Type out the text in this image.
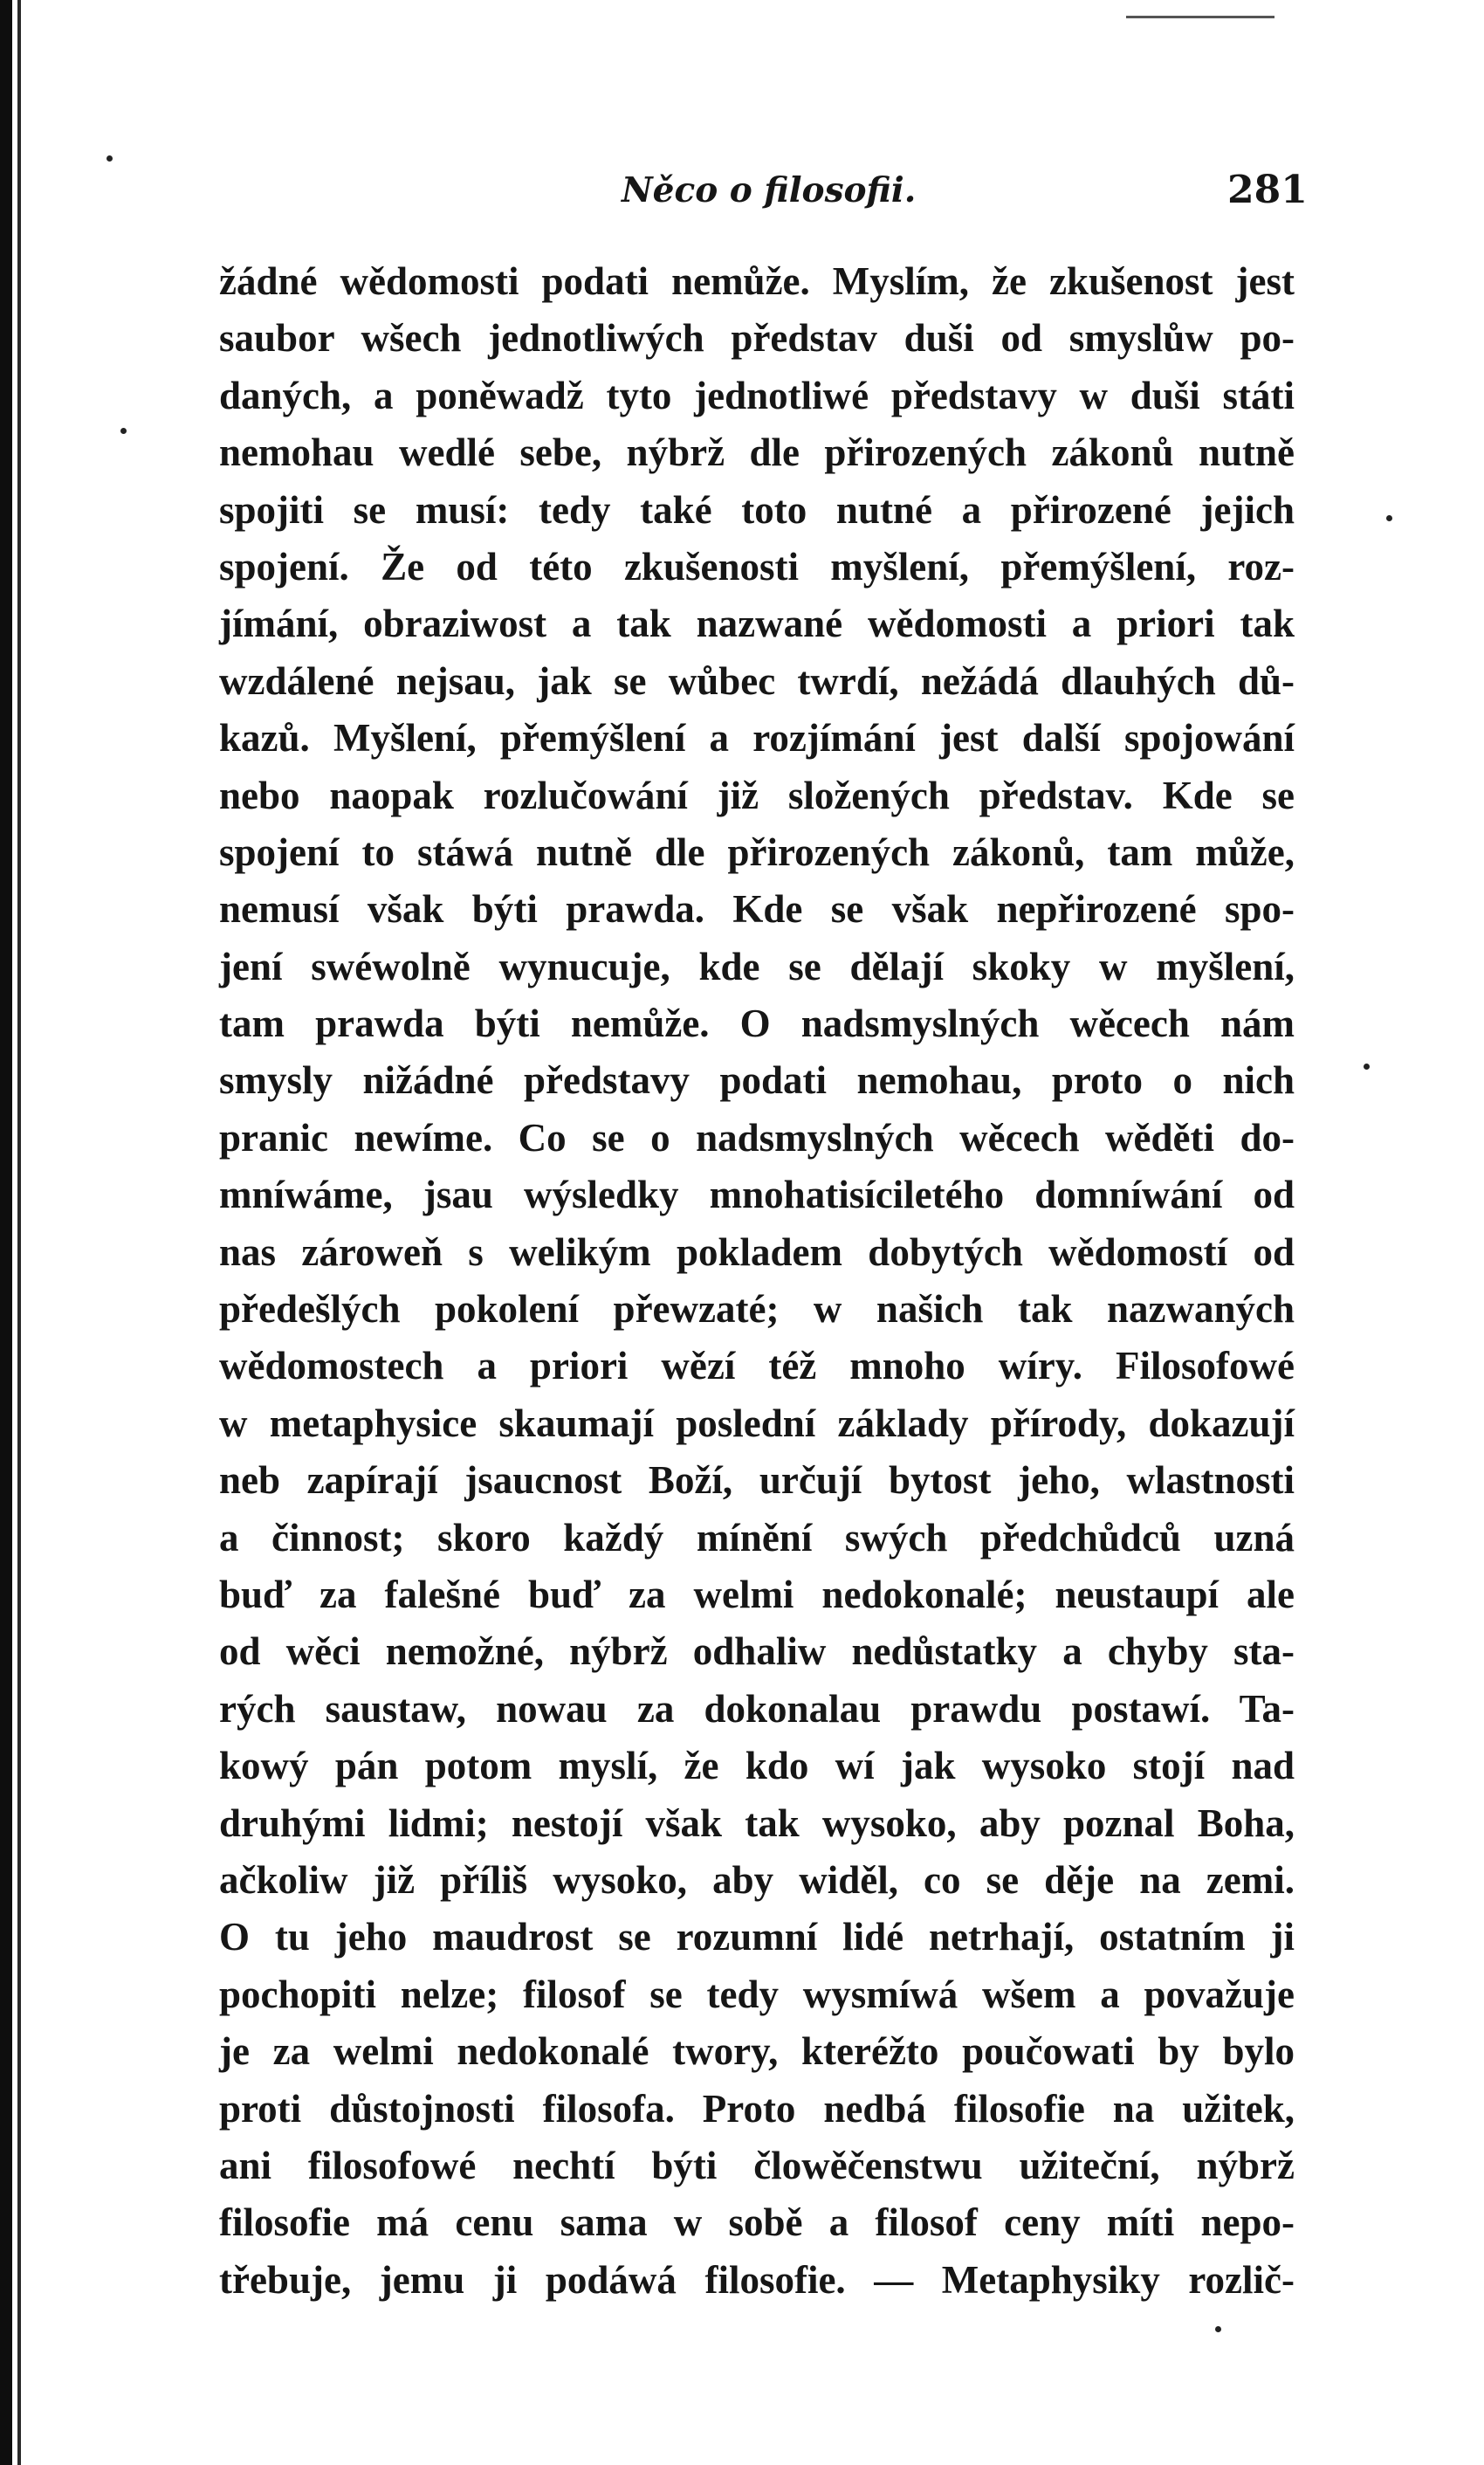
Něco o filosofii.	281
žádné wědomosti podati nemůže. Myslím, že zkušenost jest
saubor wšech jednotliwých představ duši od smyslůw po-
daných, a poněwadž tyto jednotliwé představy w duši státi
nemohau wedlé sebe, nýbrž dle přirozených zákonů nutně
spojiti se musí: tedy také toto nutné a přirozené jejich
spojení. Že od této zkušenosti myšlení, přemýšlení, roz-
jímání, obraziwost a tak nazwané wědomosti a priori tak
wzdálené nejsau, jak se wůbec twrdí, nežádá dlauhých dů-
kazů. Myšlení, přemýšlení a rozjímání jest další spojowání
nebo naopak rozlučowání již složených představ. Kde se
spojení to stáwá nutně dle přirozených zákonů, tam může,
nemusí však býti prawda. Kde se však nepřirozené spo-
jení swéwolně wynucuje, kde se dělají skoky w myšlení,
tam prawda býti nemůže. O nadsmyslných wěcech nám
smysly nižádné představy podati nemohau, proto o nich
pranic newíme. Co se o nadsmyslných wěcech wěděti do-
mníwáme, jsau wýsledky mnohatisíciletého domníwání od
nas zároweň s welikým pokladem dobytých wědomostí od
předešlých pokolení přewzaté; w našich tak nazwaných
wědomostech a priori wězí též mnoho wíry. Filosofowé
w metaphysice skaumají poslední základy přírody, dokazují
neb zapírají jsaucnost Boží, určují bytost jeho, wlastnosti
a činnost; skoro každý mínění swých předchůdců uzná
buď za falešné buď za welmi nedokonalé; neustaupí ale
od wěci nemožné, nýbrž odhaliw nedůstatky a chyby sta-
rých saustaw, nowau za dokonalau prawdu postawí. Ta-
kowý pán potom myslí, že kdo wí jak wysoko stojí nad
druhými lidmi; nestojí však tak wysoko, aby poznal Boha,
ačkoliw již příliš wysoko, aby widěl, co se děje na zemi.
O tu jeho maudrost se rozumní lidé netrhají, ostatním ji
pochopiti nelze; filosof se tedy wysmíwá wšem a považuje
je za welmi nedokonalé twory, kteréžto poučowati by bylo
proti důstojnosti filosofa. Proto nedbá filosofie na užitek,
ani filosofowé nechtí býti člowěčenstwu užiteční, nýbrž
filosofie má cenu sama w sobě a filosof ceny míti nepo-
třebuje, jemu ji podáwá filosofie. — Metaphysiky rozlič-
